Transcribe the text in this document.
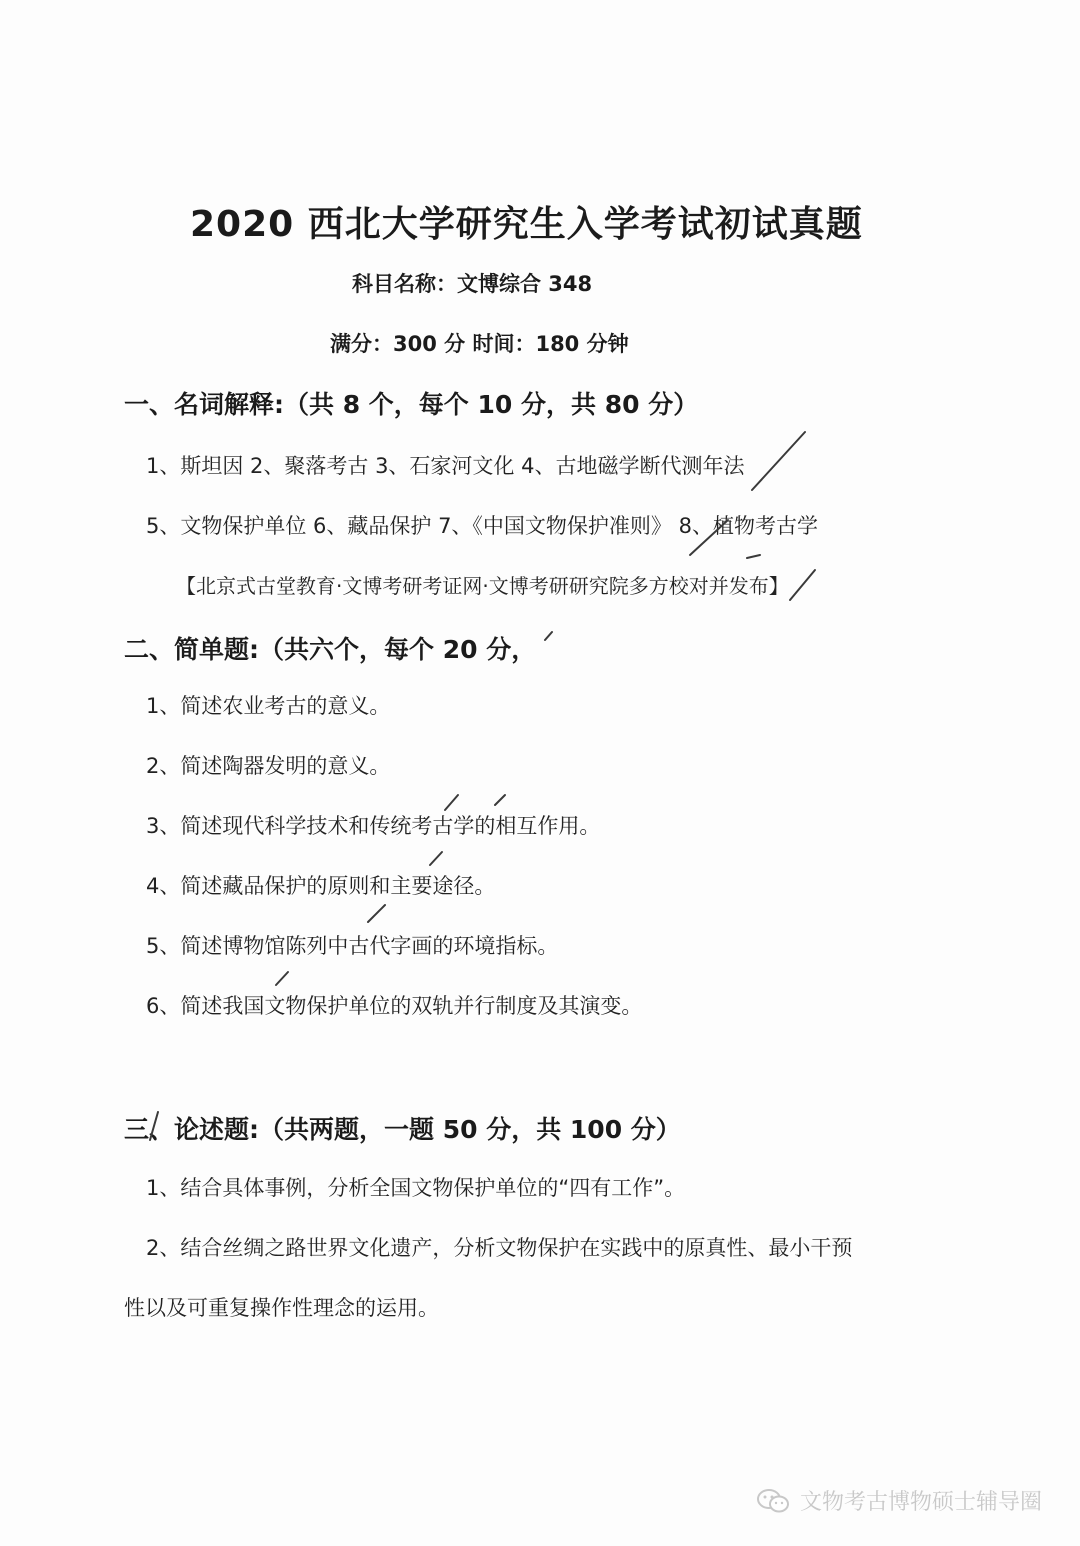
2020 西北大学研究生入学考试初试真题
科目名称：文博综合 348
满分：300 分 时间：180 分钟
一、名词解释:（共 8 个，每个 10 分，共 80 分）
1、斯坦因 2、聚落考古 3、石家河文化 4、古地磁学断代测年法
5、文物保护单位 6、藏品保护 7、《中国文物保护准则》 8、植物考古学
【北京式古堂教育·文博考研考证网·文博考研研究院多方校对并发布】
二、简单题:（共六个，每个 20 分，
1、简述农业考古的意义。
2、简述陶器发明的意义。
3、简述现代科学技术和传统考古学的相互作用。
4、简述藏品保护的原则和主要途径。
5、简述博物馆陈列中古代字画的环境指标。
6、简述我国文物保护单位的双轨并行制度及其演变。
三、论述题:（共两题，一题 50 分，共 100 分）
1、结合具体事例，分析全国文物保护单位的“四有工作”。
2、结合丝绸之路世界文化遗产，分析文物保护在实践中的原真性、最小干预
性以及可重复操作性理念的运用。
文物考古博物硕士辅导圈
